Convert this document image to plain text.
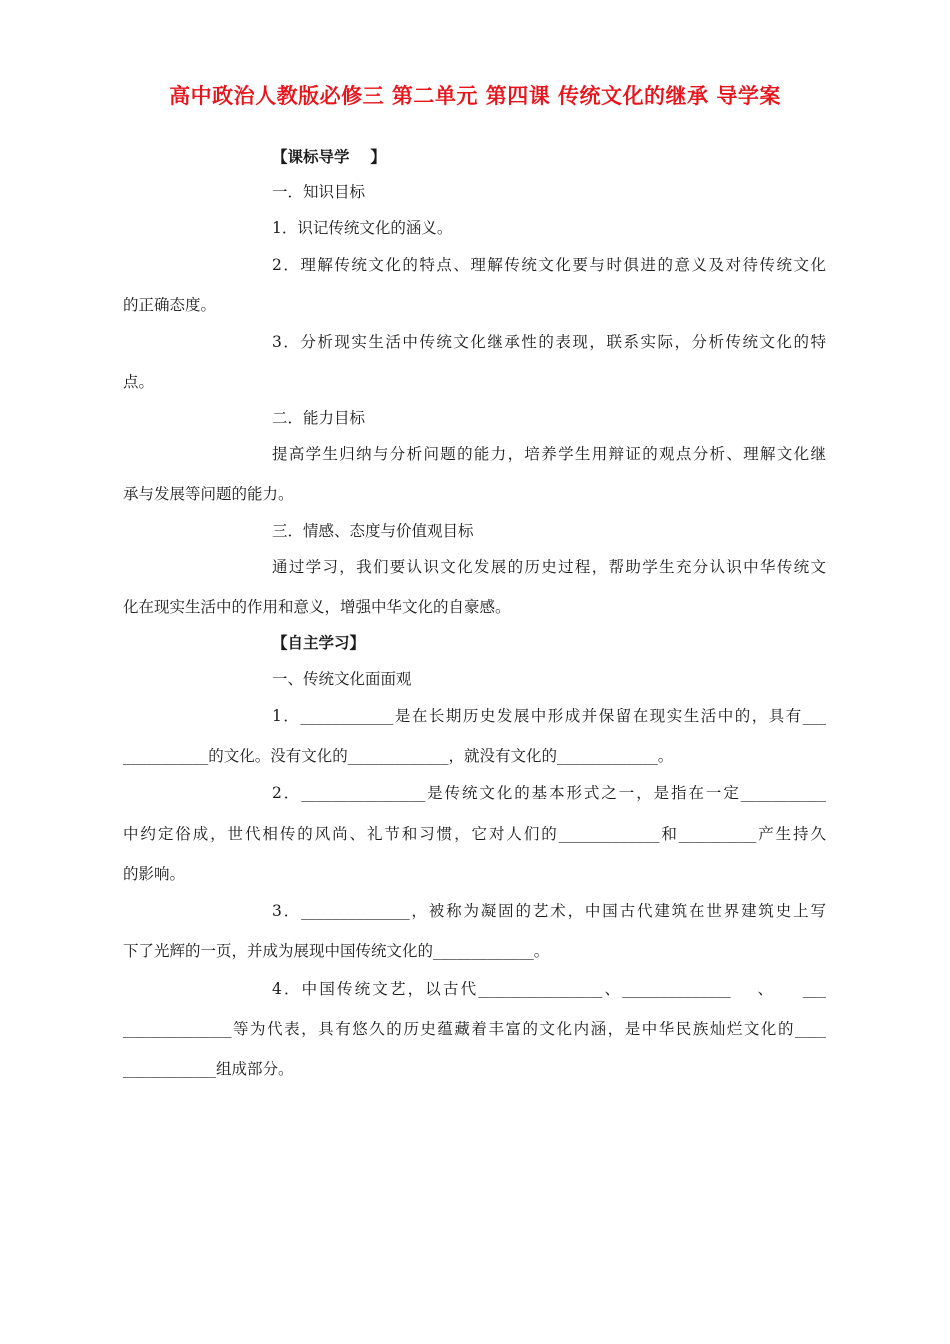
高中政治人教版必修三 第二单元 第四课 传统文化的继承 导学案
【课标导学　 】
一．知识目标
1．识记传统文化的涵义。
2．理解传统文化的特点、理解传统文化要与时俱进的意义及对待传统文化
的正确态度。
3．分析现实生活中传统文化继承性的表现，联系实际，分析传统文化的特
点。
二．能力目标
提高学生归纳与分析问题的能力，培养学生用辩证的观点分析、理解文化继
承与发展等问题的能力。
三．情感、态度与价值观目标
通过学习，我们要认识文化发展的历史过程，帮助学生充分认识中华传统文
化在现实生活中的作用和意义，增强中华文化的自豪感。
【自主学习】
一、传统文化面面观
1．____________是在长期历史发展中形成并保留在现实生活中的，具有___
___________的文化。没有文化的_____________，就没有文化的_____________。
2．________________是传统文化的基本形式之一，是指在一定___________
中约定俗成，世代相传的风尚、礼节和习惯，它对人们的_____________和__________产生持久
的影响。
3．______________，被称为凝固的艺术，中国古代建筑在世界建筑史上写
下了光辉的一页，并成为展现中国传统文化的_____________。
4．中国传统文艺，以古代________________、______________　 、　　___
______________等为代表，具有悠久的历史蕴藏着丰富的文化内涵，是中华民族灿烂文化的____
____________组成部分。
